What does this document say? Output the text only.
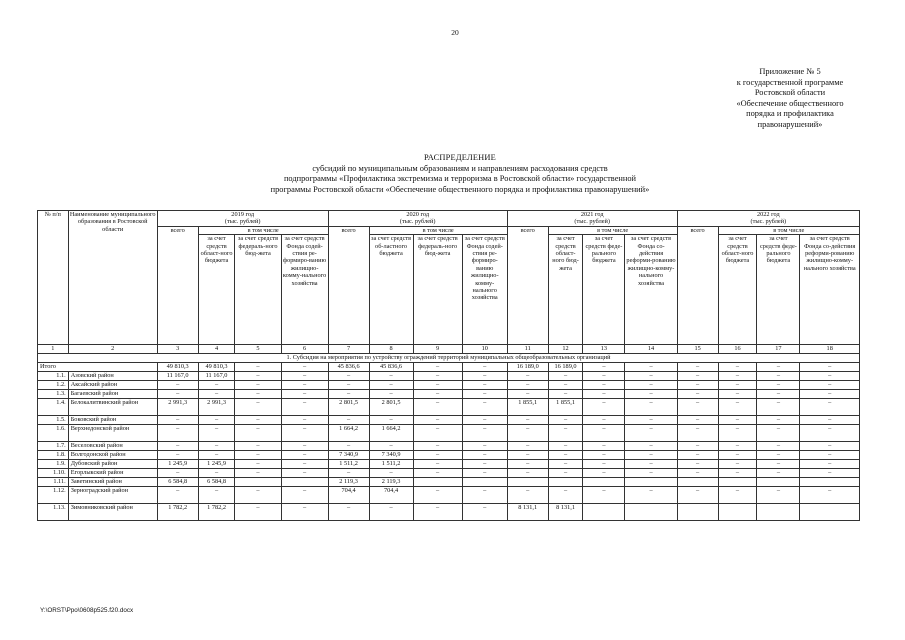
20
Приложение № 5
к государственной программе
Ростовской области
«Обеспечение общественного
порядка и профилактика
правонарушений»
РАСПРЕДЕЛЕНИЕ
субсидий по муниципальным образованиям и направлениям расходования средств
подпрограммы «Профилактика экстремизма и терроризма в Ростовской области» государственной
программы Ростовской области «Обеспечение общественного порядка и профилактика правонарушений»
№ п/п	Наименование муниципального образования в Ростовской области	2019 год
(тыс. рублей)				2020 год
(тыс. рублей)				2021 год
(тыс. рублей)				2022 год
(тыс. рублей)			
		всего	в том числе			всего	в том числе			всего	в том числе			всего	в том числе		
			за счет средств област-ного бюджета	за счет средств федераль-ного бюд-жета	за счет средств Фонда содей-ствия ре-формиро-ванию жилищно-комму-нального хозяйства		за счет средств об-ластного бюджета	за счет средств федераль-ного бюд-жета	за счет средств Фонда содей-ствия ре-формиро-ванию жилищно-комму-нального хозяйства		за счет средств област-ного бюд-жета	за счет средств феде-рального бюджета	за счет средств Фонда со-действия реформи-рованию жилищно-комму-нального хозяйства		за счет средств област-ного бюджета	за счет средств феде-рального бюджета	за счет средств Фонда со-действия реформи-рованию жилищно-комму-нального хозяйства
1	2	3	4	5	6	7	8	9	10	11	12	13	14	15	16	17	18
1. Субсидия на мероприятия по устройству ограждений территорий муниципальных общеобразовательных организаций																	
Итого		49 810,3	49 810,3	–	–	45 836,6	45 836,6	–	–	16 189,0	16 189,0	–	–	–	–	–	–
1.1.	Азовский район	11 167,0	11 167,0	–	–	–	–	–	–	–	–	–	–	–	–	–	–
1.2.	Аксайский район	–	–	–	–	–	–	–	–	–	–	–	–	–	–	–	–
1.3.	Багаевский район	–	–	–	–	–	–	–	–	–	–	–	–	–	–	–	–
1.4.	Белокалитвинский район	2 991,3	2 991,3	–	–	2 801,5	2 801,5	–	–	1 855,1	1 855,1	–	–	–	–	–	–
1.5.	Боковский район	–	–	–	–	–	–	–	–	–	–	–	–	–	–	–	–
1.6.	Верхнедонской район	–	–	–	–	1 664,2	1 664,2	–	–	–	–	–	–	–	–	–	–
1.7.	Веселовский район	–	–	–	–	–	–	–	–	–	–	–	–	–	–	–	–
1.8.	Волгодонской район	–	–	–	–	7 340,9	7 340,9	–	–	–	–	–	–	–	–	–	–
1.9.	Дубовский район	1 245,9	1 245,9	–	–	1 511,2	1 511,2	–	–	–	–	–	–	–	–	–	–
1.10.	Егорлыкский район	–	–	–	–	–	–	–	–	–	–	–	–	–	–	–	–
1.11.	Заветинский район	6 584,8	6 584,8			2 119,3	2 119,3										
1.12.	Зерноградский район	–	–	–	–	704,4	704,4	–	–	–	–	–	–	–	–	–	–
1.13.	Зимовниковский район	1 782,2	1 782,2	–	–	–	–	–	–	8 131,1	8 131,1						
Y:\ORST\Ppo\0608p525.f20.docx
